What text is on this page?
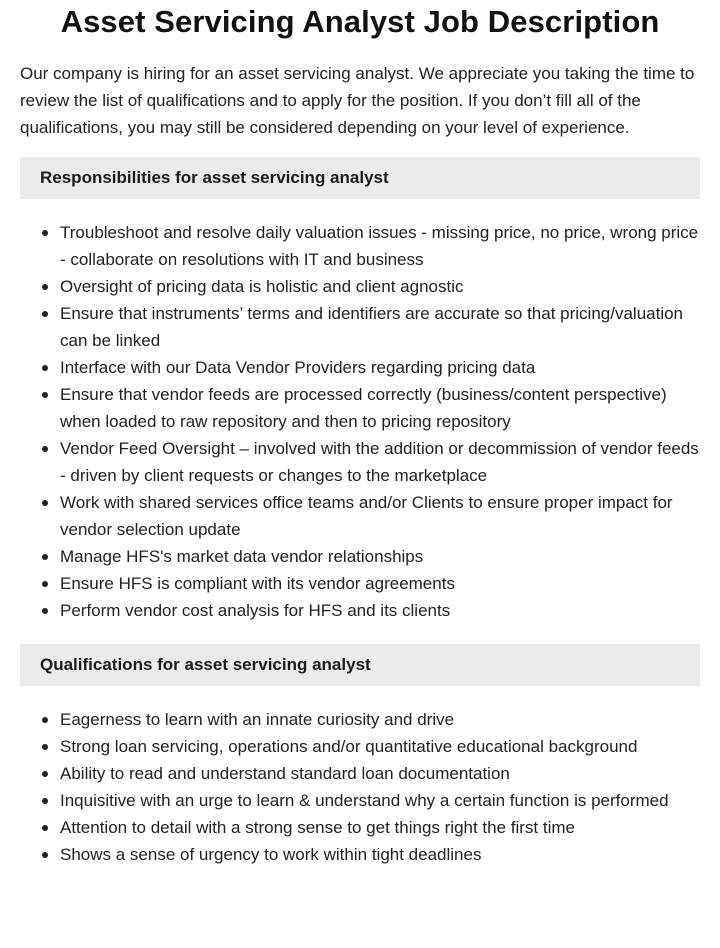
Asset Servicing Analyst Job Description

Our company is hiring for an asset servicing analyst. We appreciate you taking the time to review the list of qualifications and to apply for the position. If you don’t fill all of the qualifications, you may still be considered depending on your level of experience.

Responsibilities for asset servicing analyst
Troubleshoot and resolve daily valuation issues - missing price, no price, wrong price - collaborate on resolutions with IT and business
Oversight of pricing data is holistic and client agnostic
Ensure that instruments’ terms and identifiers are accurate so that pricing/valuation can be linked
Interface with our Data Vendor Providers regarding pricing data
Ensure that vendor feeds are processed correctly (business/content perspective) when loaded to raw repository and then to pricing repository
Vendor Feed Oversight – involved with the addition or decommission of vendor feeds - driven by client requests or changes to the marketplace
Work with shared services office teams and/or Clients to ensure proper impact for vendor selection update
Manage HFS's market data vendor relationships
Ensure HFS is compliant with its vendor agreements
Perform vendor cost analysis for HFS and its clients
Qualifications for asset servicing analyst
Eagerness to learn with an innate curiosity and drive
Strong loan servicing, operations and/or quantitative educational background
Ability to read and understand standard loan documentation
Inquisitive with an urge to learn & understand why a certain function is performed
Attention to detail with a strong sense to get things right the first time
Shows a sense of urgency to work within tight deadlines
